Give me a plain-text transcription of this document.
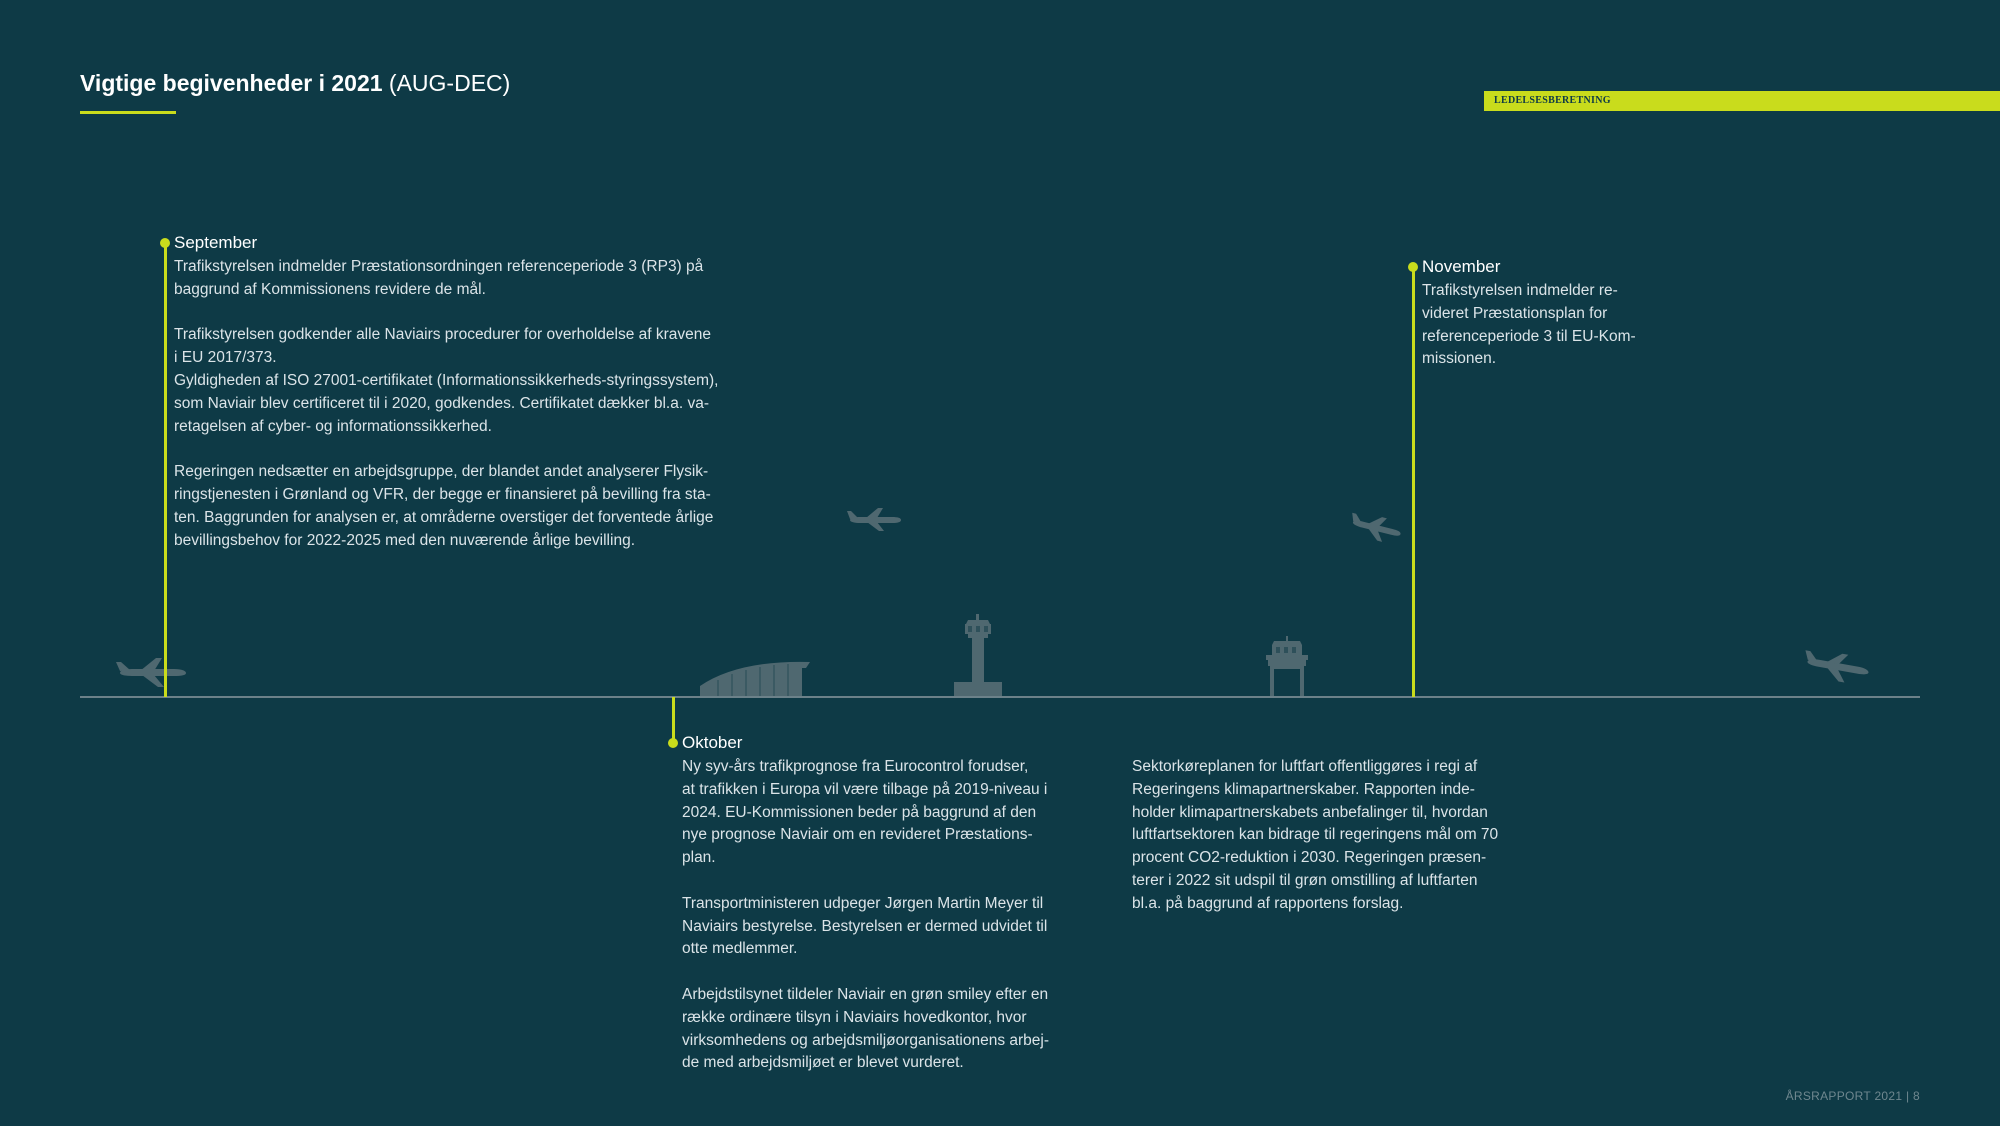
Vigtige begivenheder i 2021 (AUG-DEC)
LEDELSESBERETNING
September

Trafikstyrelsen indmelder Præstationsordningen referenceperiode 3 (RP3) på
baggrund af Kommissionens revidere de mål.

Trafikstyrelsen godkender alle Naviairs procedurer for overholdelse af kravene
i EU 2017/373.
Gyldigheden af ISO 27001-certifikatet (Informationssikkerheds-styringssystem),
som Naviair blev certificeret til i 2020, godkendes. Certifikatet dækker bl.a. va-
retagelsen af cyber- og informationssikkerhed.

Regeringen nedsætter en arbejdsgruppe, der blandet andet analyserer Flysik-
ringstjenesten i Grønland og VFR, der begge er finansieret på bevilling fra sta-
ten. Baggrunden for analysen er, at områderne overstiger det forventede årlige
bevillingsbehov for 2022-2025 med den nuværende årlige bevilling.

Oktober

Ny syv-års trafikprognose fra Eurocontrol forudser,
at trafikken i Europa vil være tilbage på 2019-niveau i
2024. EU-Kommissionen beder på baggrund af den
nye prognose Naviair om en revideret Præstations-
plan.

Transportministeren udpeger Jørgen Martin Meyer til
Naviairs bestyrelse. Bestyrelsen er dermed udvidet til
otte medlemmer.

Arbejdstilsynet tildeler Naviair en grøn smiley efter en
række ordinære tilsyn i Naviairs hovedkontor, hvor
virksomhedens og arbejdsmiljøorganisationens arbej-
de med arbejdsmiljøet er blevet vurderet.

Sektorkøreplanen for luftfart offentliggøres i regi af
Regeringens klimapartnerskaber. Rapporten inde-
holder klimapartnerskabets anbefalinger til, hvordan
luftfartsektoren kan bidrage til regeringens mål om 70
procent CO2-reduktion i 2030. Regeringen præsen-
terer i 2022 sit udspil til grøn omstilling af luftfarten
bl.a. på baggrund af rapportens forslag.

November

Trafikstyrelsen indmelder re-
videret Præstationsplan for
referenceperiode 3 til EU-Kom-
missionen.

ÅRSRAPPORT 2021 | 8
